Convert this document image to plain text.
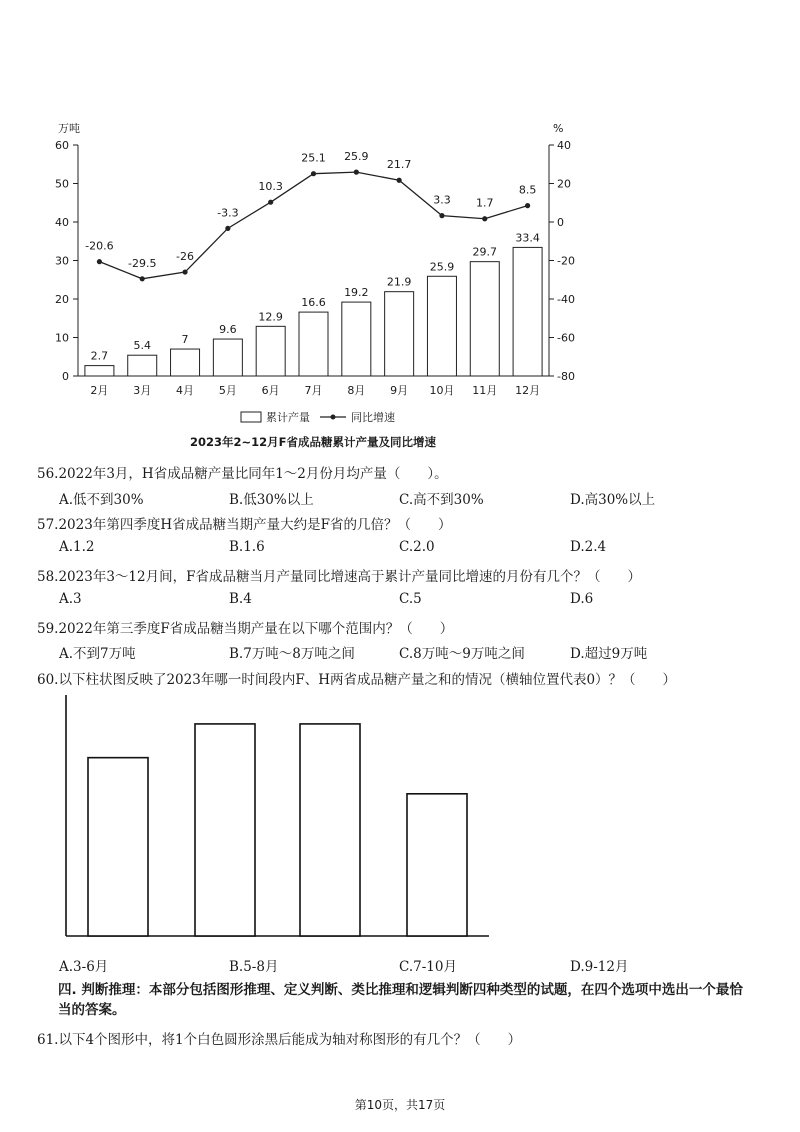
万吨	%
0
10
20
30
40
50
60
-80
-60
-40
-20
0
20
40
2.7
5.4	7
9.6
12.9
16.6
19.2
21.9
25.9
29.7
33.4
-20.6
-29.5
-26
-3.3
10.3
25.1 25.9
21.7
3.3 1.7
8.5
2月 3月 4月 5月 6月 7月 8月 9月 10月 11月 12月
累计产量	同比增速
2023年2~12月F省成品糖累计产量及同比增速
56.2022年3月，H省成品糖产量比同年1～2月份月均产量（　　）。
A.低不到30%	B.低30%以上	C.高不到30%	D.高30%以上
57.2023年第四季度H省成品糖当期产量大约是F省的几倍？（　　）
A.1.2	B.1.6	C.2.0	D.2.4
58.2023年3～12月间，F省成品糖当月产量同比增速高于累计产量同比增速的月份有几个？（　　）
A.3	B.4	C.5	D.6
59.2022年第三季度F省成品糖当期产量在以下哪个范围内？（　　）
A.不到7万吨	B.7万吨～8万吨之间	C.8万吨～9万吨之间	D.超过9万吨
60.以下柱状图反映了2023年哪一时间段内F、H两省成品糖产量之和的情况（横轴位置代表0）？（　　）
A.3-6月	B.5-8月	C.7-10月	D.9-12月
四. 判断推理：本部分包括图形推理、定义判断、类比推理和逻辑判断四种类型的试题，在四个选项中选出一个最恰当的答案。
61.以下4个图形中，将1个白色圆形涂黑后能成为轴对称图形的有几个？（　　）
第10页，共17页
